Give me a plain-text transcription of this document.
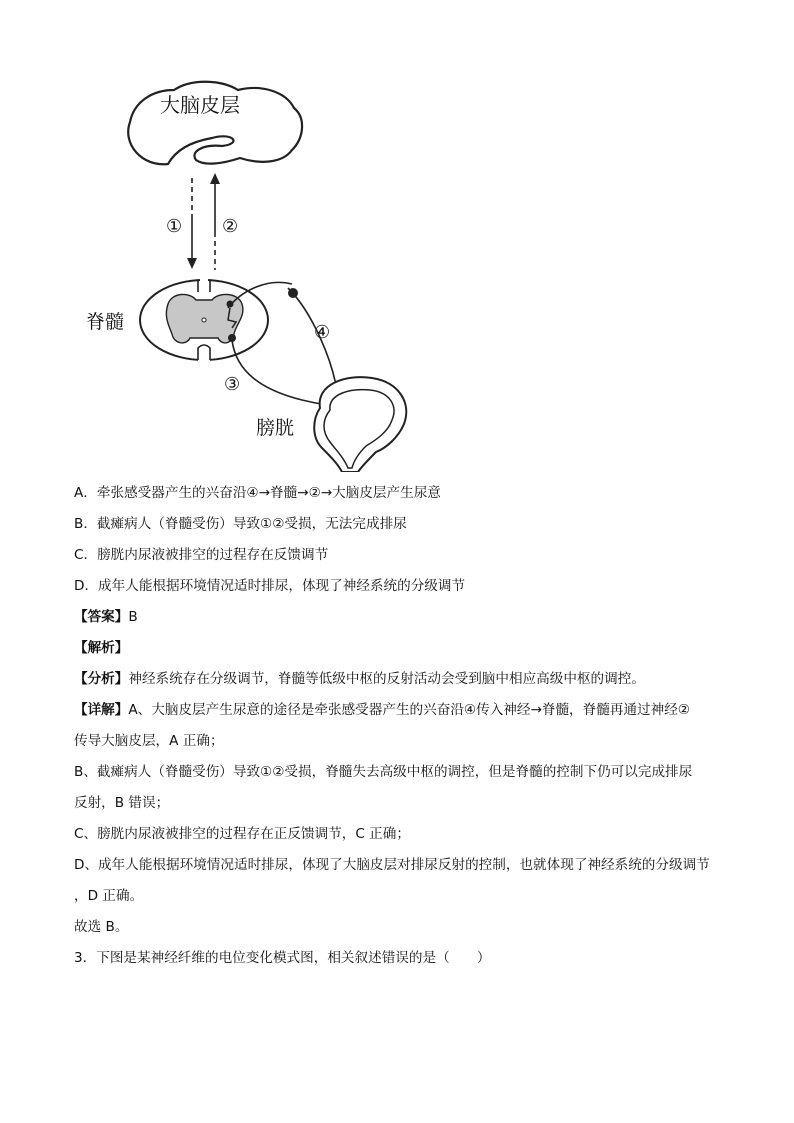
大脑皮层
① ②
脊髓	④
③
膀胱
A．牵张感受器产生的兴奋沿④→脊髓→②→大脑皮层产生尿意
B．截瘫病人（脊髓受伤）导致①②受损，无法完成排尿
C．膀胱内尿液被排空的过程存在反馈调节
D．成年人能根据环境情况适时排尿，体现了神经系统的分级调节
【答案】B
【解析】
【分析】神经系统存在分级调节，脊髓等低级中枢的反射活动会受到脑中相应高级中枢的调控。
【详解】A、大脑皮层产生尿意的途径是牵张感受器产生的兴奋沿④传入神经→脊髓，脊髓再通过神经②
传导大脑皮层，A 正确；
B、截瘫病人（脊髓受伤）导致①②受损，脊髓失去高级中枢的调控，但是脊髓的控制下仍可以完成排尿
反射，B 错误；
C、膀胱内尿液被排空的过程存在正反馈调节，C 正确；
D、成年人能根据环境情况适时排尿，体现了大脑皮层对排尿反射的控制，也就体现了神经系统的分级调节
，D 正确。
故选 B。
3．下图是某神经纤维的电位变化模式图，相关叙述错误的是（　　）
